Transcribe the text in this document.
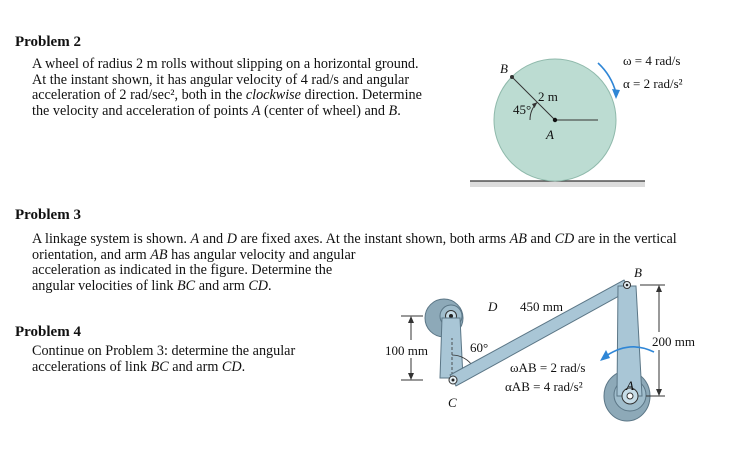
Problem 2
A wheel of radius 2 m rolls without slipping on a horizontal ground.
At the instant shown, it has angular velocity of 4 rad/s and angular
acceleration of 2 rad/sec², both in the clockwise direction. Determine
the velocity and acceleration of points A (center of wheel) and B.
B
2 m
45°
A
ω = 4 rad/s
α = 2 rad/s²
Problem 3
A linkage system is shown. A and D are fixed axes. At the instant shown, both arms AB and CD are in the vertical
orientation, and arm AB has angular velocity and angular
acceleration as indicated in the figure. Determine the
angular velocities of link BC and arm CD.
Problem 4
Continue on Problem 3: determine the angular
accelerations of link BC and arm CD.
D 450 mm
100 mm	60°
C
B
A
200 mm
ωAB = 2 rad/s
αAB = 4 rad/s²
